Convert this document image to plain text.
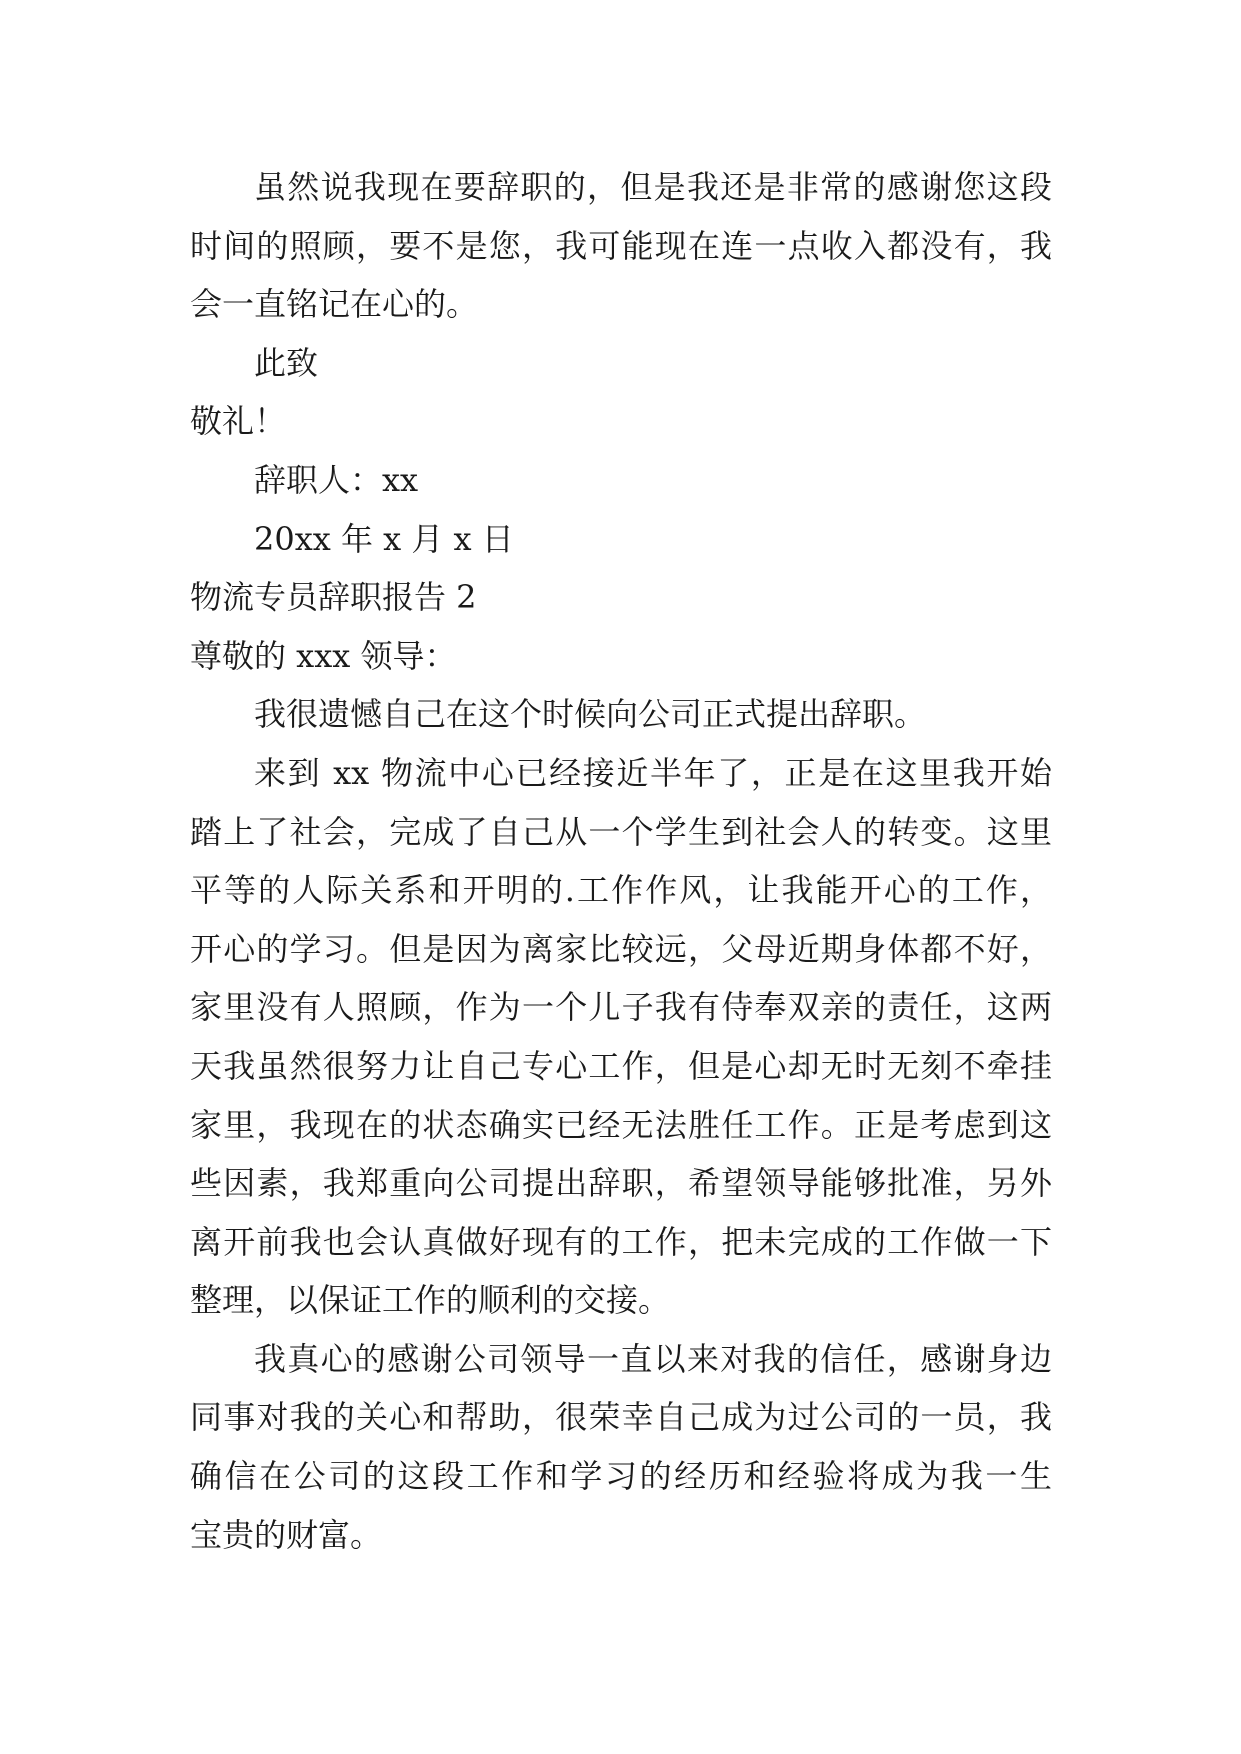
虽然说我现在要辞职的，但是我还是非常的感谢您这段
时间的照顾，要不是您，我可能现在连一点收入都没有，我
会一直铭记在心的。
此致
敬礼！
辞职人：xx
20xx 年 x 月 x 日
物流专员辞职报告 2
尊敬的 xxx 领导：
我很遗憾自己在这个时候向公司正式提出辞职。
来到 xx 物流中心已经接近半年了，正是在这里我开始
踏上了社会，完成了自己从一个学生到社会人的转变。这里
平等的人际关系和开明的.工作作风，让我能开心的工作，
开心的学习。但是因为离家比较远，父母近期身体都不好，
家里没有人照顾，作为一个儿子我有侍奉双亲的责任，这两
天我虽然很努力让自己专心工作，但是心却无时无刻不牵挂
家里，我现在的状态确实已经无法胜任工作。正是考虑到这
些因素，我郑重向公司提出辞职，希望领导能够批准，另外
离开前我也会认真做好现有的工作，把未完成的工作做一下
整理，以保证工作的顺利的交接。
我真心的感谢公司领导一直以来对我的信任，感谢身边
同事对我的关心和帮助，很荣幸自己成为过公司的一员，我
确信在公司的这段工作和学习的经历和经验将成为我一生
宝贵的财富。
